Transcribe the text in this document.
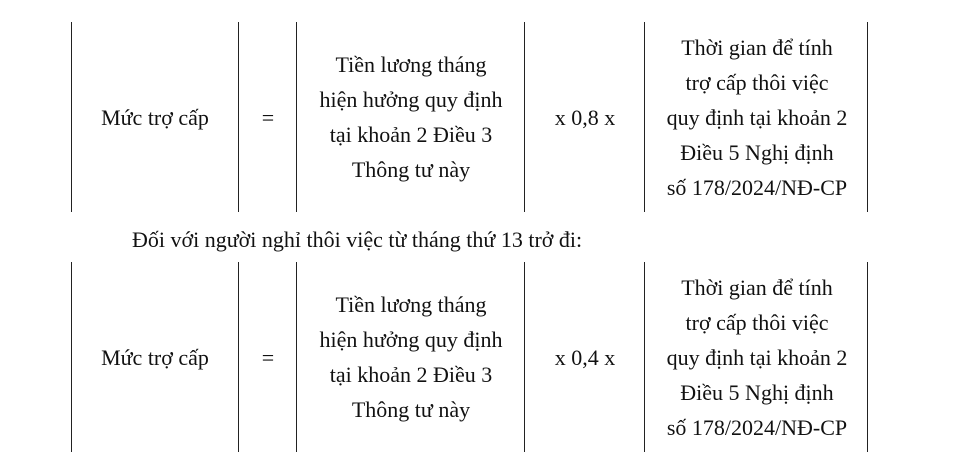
Mức trợ cấp =
Tiền lương tháng
hiện hưởng quy định
tại khoản 2 Điều 3
Thông tư này
x 0,8 x
Thời gian để tính
trợ cấp thôi việc
quy định tại khoản 2
Điều 5 Nghị định
số 178/2024/NĐ-CP
Đối với người nghỉ thôi việc từ tháng thứ 13 trở đi:
Mức trợ cấp =
Tiền lương tháng
hiện hưởng quy định
tại khoản 2 Điều 3
Thông tư này
x 0,4 x
Thời gian để tính
trợ cấp thôi việc
quy định tại khoản 2
Điều 5 Nghị định
số 178/2024/NĐ-CP
